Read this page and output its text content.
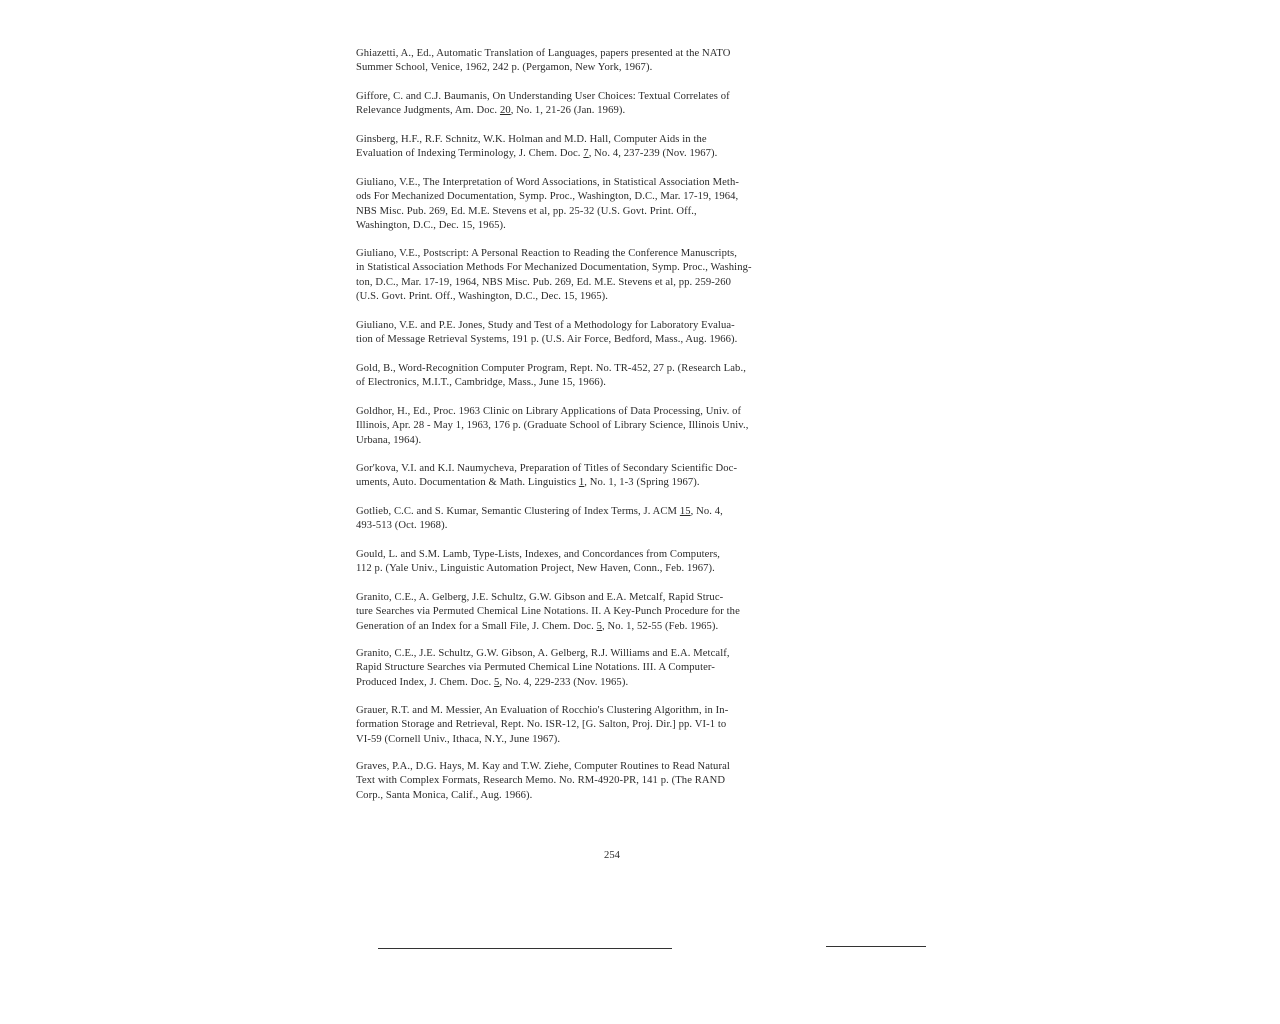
Ghiazetti, A., Ed., Automatic Translation of Languages, papers presented at the NATO
Summer School, Venice, 1962, 242 p. (Pergamon, New York, 1967).
Giffore, C. and C.J. Baumanis, On Understanding User Choices: Textual Correlates of
Relevance Judgments, Am. Doc. 20, No. 1, 21-26 (Jan. 1969).
Ginsberg, H.F., R.F. Schnitz, W.K. Holman and M.D. Hall, Computer Aids in the
Evaluation of Indexing Terminology, J. Chem. Doc. 7, No. 4, 237-239 (Nov. 1967).
Giuliano, V.E., The Interpretation of Word Associations, in Statistical Association Meth-
ods For Mechanized Documentation, Symp. Proc., Washington, D.C., Mar. 17-19, 1964,
NBS Misc. Pub. 269, Ed. M.E. Stevens et al, pp. 25-32 (U.S. Govt. Print. Off.,
Washington, D.C., Dec. 15, 1965).
Giuliano, V.E., Postscript: A Personal Reaction to Reading the Conference Manuscripts,
in Statistical Association Methods For Mechanized Documentation, Symp. Proc., Washing-
ton, D.C., Mar. 17-19, 1964, NBS Misc. Pub. 269, Ed. M.E. Stevens et al, pp. 259-260
(U.S. Govt. Print. Off., Washington, D.C., Dec. 15, 1965).
Giuliano, V.E. and P.E. Jones, Study and Test of a Methodology for Laboratory Evalua-
tion of Message Retrieval Systems, 191 p. (U.S. Air Force, Bedford, Mass., Aug. 1966).
Gold, B., Word-Recognition Computer Program, Rept. No. TR-452, 27 p. (Research Lab.,
of Electronics, M.I.T., Cambridge, Mass., June 15, 1966).
Goldhor, H., Ed., Proc. 1963 Clinic on Library Applications of Data Processing, Univ. of
Illinois, Apr. 28 - May 1, 1963, 176 p. (Graduate School of Library Science, Illinois Univ.,
Urbana, 1964).
Gor'kova, V.I. and K.I. Naumycheva, Preparation of Titles of Secondary Scientific Doc-
uments, Auto. Documentation & Math. Linguistics 1, No. 1, 1-3 (Spring 1967).
Gotlieb, C.C. and S. Kumar, Semantic Clustering of Index Terms, J. ACM 15, No. 4,
493-513 (Oct. 1968).
Gould, L. and S.M. Lamb, Type-Lists, Indexes, and Concordances from Computers,
112 p. (Yale Univ., Linguistic Automation Project, New Haven, Conn., Feb. 1967).
Granito, C.E., A. Gelberg, J.E. Schultz, G.W. Gibson and E.A. Metcalf, Rapid Struc-
ture Searches via Permuted Chemical Line Notations. II. A Key-Punch Procedure for the
Generation of an Index for a Small File, J. Chem. Doc. 5, No. 1, 52-55 (Feb. 1965).
Granito, C.E., J.E. Schultz, G.W. Gibson, A. Gelberg, R.J. Williams and E.A. Metcalf,
Rapid Structure Searches via Permuted Chemical Line Notations. III. A Computer-
Produced Index, J. Chem. Doc. 5, No. 4, 229-233 (Nov. 1965).
Grauer, R.T. and M. Messier, An Evaluation of Rocchio's Clustering Algorithm, in In-
formation Storage and Retrieval, Rept. No. ISR-12, [G. Salton, Proj. Dir.] pp. VI-1 to
VI-59 (Cornell Univ., Ithaca, N.Y., June 1967).
Graves, P.A., D.G. Hays, M. Kay and T.W. Ziehe, Computer Routines to Read Natural
Text with Complex Formats, Research Memo. No. RM-4920-PR, 141 p. (The RAND
Corp., Santa Monica, Calif., Aug. 1966).
254
